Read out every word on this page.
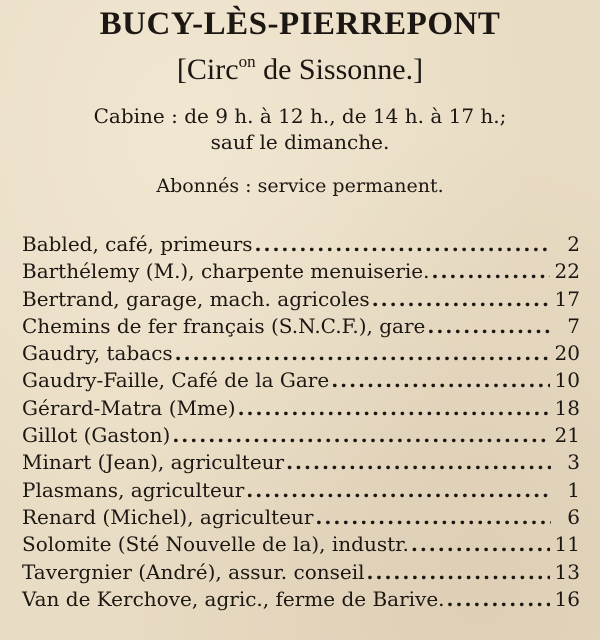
BUCY-LÈS-PIERREPONT
[Circ$^{on}$ de Sissonne.]
Cabine : de 9 h. à 12 h., de 14 h. à 17 h.;
sauf le dimanche.
Abonnés : service permanent.
Babled, café, primeurs .....	2
Barthélemy (M.), charpente menuiserie. .....	22
Bertrand, garage, mach. agricoles .....	17
Chemins de fer français (S.N.C.F.), gare .....	7
Gaudry, tabacs .....	20
Gaudry-Faille, Café de la Gare .....	10
Gérard-Matra (Mme) .....	18
Gillot (Gaston) .....	21
Minart (Jean), agriculteur .....	3
Plasmans, agriculteur .....	1
Renard (Michel), agriculteur .....	6
Solomite (Sté Nouvelle de la), industr. .....	11
Tavergnier (André), assur. conseil .....	13
Van de Kerchove, agric., ferme de Barive. .....	16
